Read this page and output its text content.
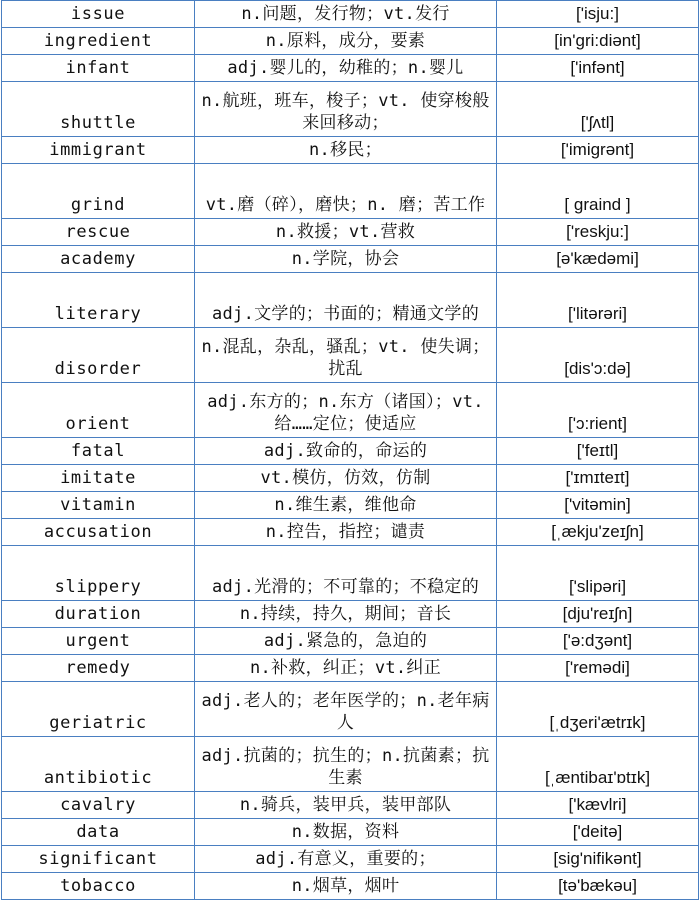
issue	n.问题，发行物；vt.发行	['isju:]
ingredient	n.原料，成分，要素	[in'gri:diənt]
infant	adj.婴儿的，幼稚的；n.婴儿	['infənt]
shuttle	n.航班，班车，梭子；vt. 使穿梭般来回移动；	['ʃʌtl]
immigrant	n.移民；	['imigrənt]
grind	vt.磨（碎），磨快；n. 磨；苦工作	[ graind ]
rescue	n.救援；vt.营救	['reskju:]
academy	n.学院，协会	[ə'kædəmi]
literary	adj.文学的；书面的；精通文学的	['litərəri]
disorder	n.混乱，杂乱，骚乱；vt. 使失调；扰乱	[dis'ɔ:də]
orient	adj.东方的；n.东方（诸国）；vt.给……定位；使适应	['ɔ:rient]
fatal	adj.致命的，命运的	['feɪtl]
imitate	vt.模仿，仿效，仿制	['ɪmɪteɪt]
vitamin	n.维生素，维他命	['vitəmin]
accusation	n.控告，指控；谴责	[ˌækju'zeɪʃn]
slippery	adj.光滑的；不可靠的；不稳定的	['slipəri]
duration	n.持续，持久，期间；音长	[dju'reɪʃn]
urgent	adj.紧急的，急迫的	['ə:dʒənt]
remedy	n.补救，纠正；vt.纠正	['remədi]
geriatric	adj.老人的；老年医学的；n.老年病人	[ˌdʒeri'ætrɪk]
antibiotic	adj.抗菌的；抗生的；n.抗菌素；抗生素	[ˌæntibaɪ'ɒtɪk]
cavalry	n.骑兵，装甲兵，装甲部队	['kævlri]
data	n.数据，资料	['deitə]
significant	adj.有意义，重要的；	[sig'nifikənt]
tobacco	n.烟草，烟叶	[tə'bækəu]
